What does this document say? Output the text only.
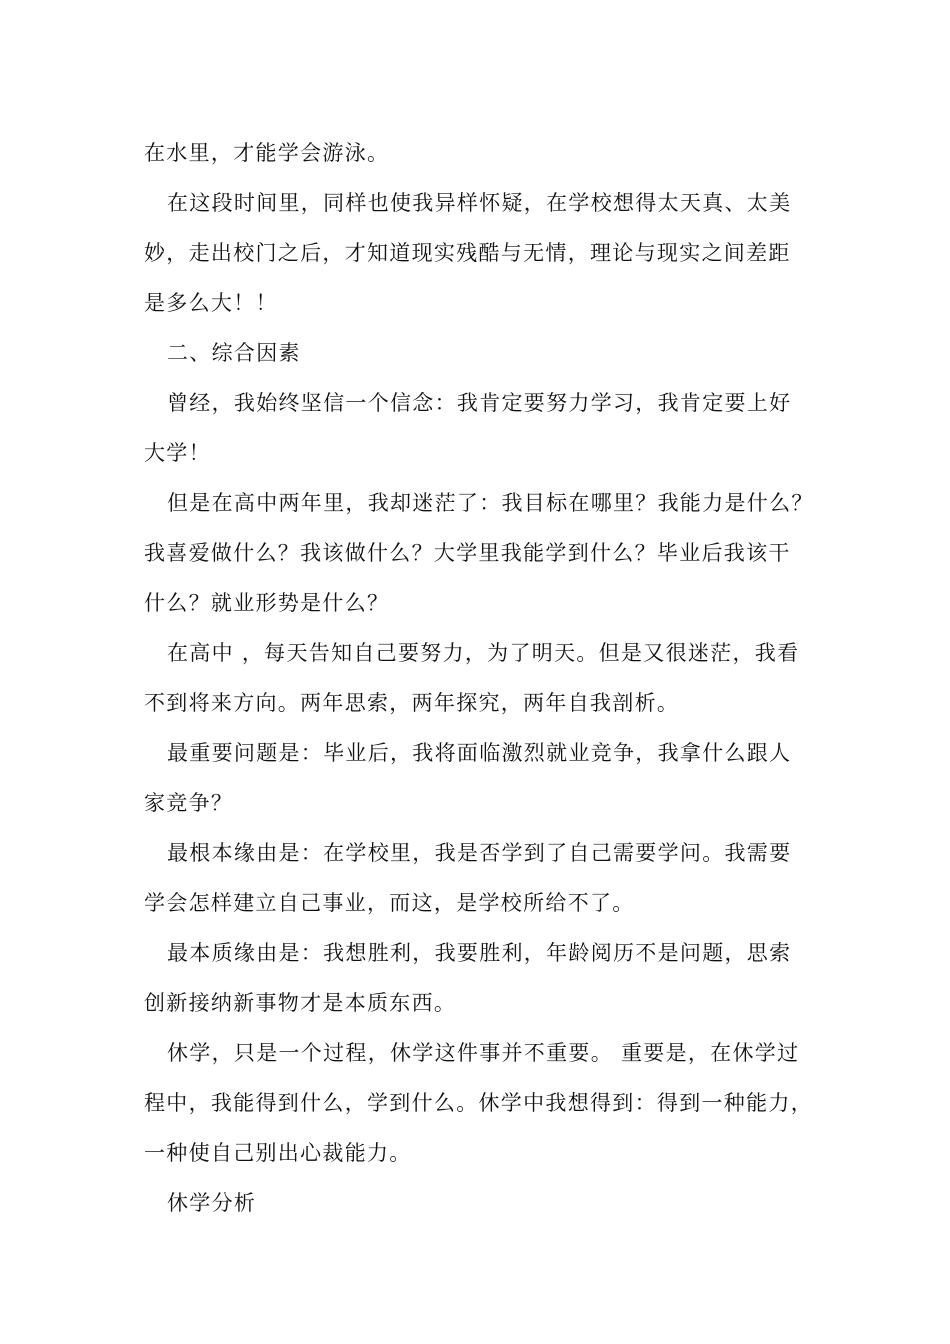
在水里，才能学会游泳。

在这段时间里，同样也使我异样怀疑，在学校想得太天真、太美
妙，走出校门之后，才知道现实残酷与无情，理论与现实之间差距
是多么大！！

二、综合因素

曾经，我始终坚信一个信念：我肯定要努力学习，我肯定要上好
大学！

但是在高中两年里，我却迷茫了：我目标在哪里？我能力是什么？
我喜爱做什么？我该做什么？大学里我能学到什么？毕业后我该干
什么？就业形势是什么？

在高中 ，每天告知自己要努力，为了明天。但是又很迷茫，我看
不到将来方向。两年思索，两年探究，两年自我剖析。

最重要问题是：毕业后，我将面临激烈就业竞争，我拿什么跟人
家竞争？

最根本缘由是：在学校里，我是否学到了自己需要学问。我需要
学会怎样建立自己事业，而这，是学校所给不了。

最本质缘由是：我想胜利，我要胜利，年龄阅历不是问题，思索
创新接纳新事物才是本质东西。

休学，只是一个过程，休学这件事并不重要。 重要是，在休学过
程中，我能得到什么，学到什么。休学中我想得到：得到一种能力，
一种使自己别出心裁能力。

休学分析
